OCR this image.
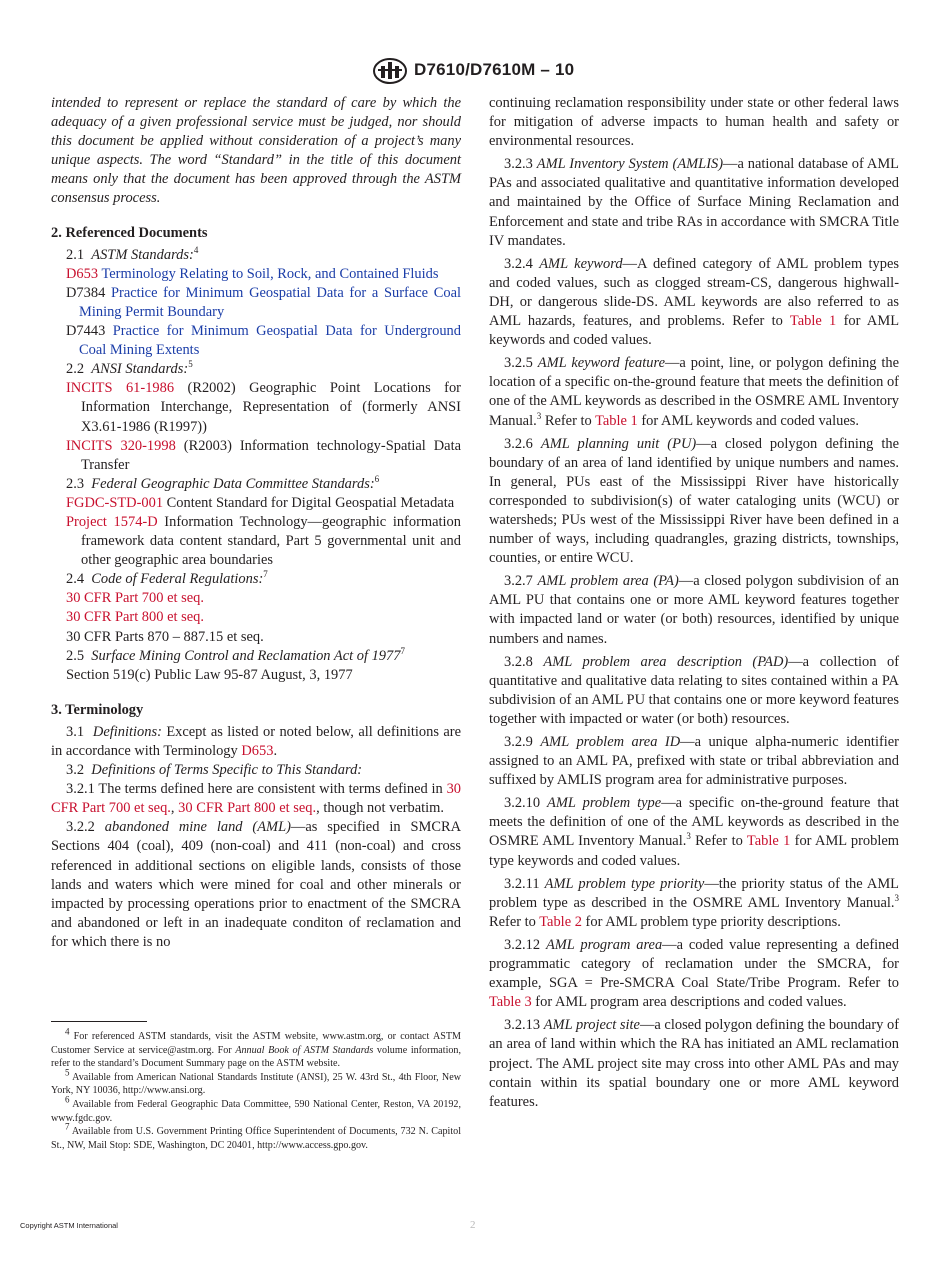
D7610/D7610M – 10

intended to represent or replace the standard of care by which the adequacy of a given professional service must be judged, nor should this document be applied without consideration of a project’s many unique aspects. The word “Standard” in the title of this document means only that the document has been approved through the ASTM consensus process.

2. Referenced Documents

2.1 ASTM Standards:$^4$

D653 Terminology Relating to Soil, Rock, and Contained Fluids

D7384 Practice for Minimum Geospatial Data for a Surface Coal Mining Permit Boundary

D7443 Practice for Minimum Geospatial Data for Underground Coal Mining Extents

2.2 ANSI Standards:$^5$

INCITS 61-1986 (R2002) Geographic Point Locations for Information Interchange, Representation of (formerly ANSI X3.61-1986 (R1997))

INCITS 320-1998 (R2003) Information technology-Spatial Data Transfer

2.3 Federal Geographic Data Committee Standards:$^6$

FGDC-STD-001 Content Standard for Digital Geospatial Metadata

Project 1574-D Information Technology—geographic information framework data content standard, Part 5 governmental unit and other geographic area boundaries

2.4 Code of Federal Regulations:$^7$

30 CFR Part 700 et seq.

30 CFR Part 800 et seq.

30 CFR Parts 870 – 887.15 et seq.

2.5 Surface Mining Control and Reclamation Act of 1977$^7$

Section 519(c) Public Law 95-87 August, 3, 1977

3. Terminology

3.1 Definitions: Except as listed or noted below, all definitions are in accordance with Terminology D653.

3.2 Definitions of Terms Specific to This Standard:

3.2.1 The terms defined here are consistent with terms defined in 30 CFR Part 700 et seq., 30 CFR Part 800 et seq., though not verbatim.

3.2.2 abandoned mine land (AML)—as specified in SMCRA Sections 404 (coal), 409 (non-coal) and 411 (non-coal) and cross referenced in additional sections on eligible lands, consists of those lands and waters which were mined for coal and other minerals or impacted by processing operations prior to enactment of the SMCRA and abandoned or left in an inadequate conditon of reclamation and for which there is no

$^4$ For referenced ASTM standards, visit the ASTM website, www.astm.org, or contact ASTM Customer Service at service@astm.org. For Annual Book of ASTM Standards volume information, refer to the standard’s Document Summary page on the ASTM website.

$^5$ Available from American National Standards Institute (ANSI), 25 W. 43rd St., 4th Floor, New York, NY 10036, http://www.ansi.org.

$^6$ Available from Federal Geographic Data Committee, 590 National Center, Reston, VA 20192, www.fgdc.gov.

$^7$ Available from U.S. Government Printing Office Superintendent of Documents, 732 N. Capitol St., NW, Mail Stop: SDE, Washington, DC 20401, http://www.access.gpo.gov.

continuing reclamation responsibility under state or other federal laws for mitigation of adverse impacts to human health and safety or environmental resources.

3.2.3 AML Inventory System (AMLIS)—a national database of AML PAs and associated qualitative and quantitative information developed and maintained by the Office of Surface Mining Reclamation and Enforcement and state and tribe RAs in accordance with SMCRA Title IV mandates.

3.2.4 AML keyword—A defined category of AML problem types and coded values, such as clogged stream-CS, dangerous highwall-DH, or dangerous slide-DS. AML keywords are also referred to as AML hazards, features, and problems. Refer to Table 1 for AML keywords and coded values.

3.2.5 AML keyword feature—a point, line, or polygon defining the location of a specific on-the-ground feature that meets the definition of one of the AML keywords as described in the OSMRE AML Inventory Manual.$^3$ Refer to Table 1 for AML keywords and coded values.

3.2.6 AML planning unit (PU)—a closed polygon defining the boundary of an area of land identified by unique numbers and names. In general, PUs east of the Mississippi River have historically corresponded to subdivision(s) of water cataloging units (WCU) or watersheds; PUs west of the Mississippi River have been defined in a number of ways, including quadrangles, grazing districts, townships, counties, or entire WCU.

3.2.7 AML problem area (PA)—a closed polygon subdivision of an AML PU that contains one or more AML keyword features together with impacted land or water (or both) resources, identified by unique numbers and names.

3.2.8 AML problem area description (PAD)—a collection of quantitative and qualitative data relating to sites contained within a PA subdivision of an AML PU that contains one or more keyword features together with impacted or water (or both) resources.

3.2.9 AML problem area ID—a unique alpha-numeric identifier assigned to an AML PA, prefixed with state or tribal abbreviation and suffixed by AMLIS program area for administrative purposes.

3.2.10 AML problem type—a specific on-the-ground feature that meets the definition of one of the AML keywords as described in the OSMRE AML Inventory Manual.$^3$ Refer to Table 1 for AML problem type keywords and coded values.

3.2.11 AML problem type priority—the priority status of the AML problem type as described in the OSMRE AML Inventory Manual.$^3$ Refer to Table 2 for AML problem type priority descriptions.

3.2.12 AML program area—a coded value representing a defined programmatic category of reclamation under the SMCRA, for example, SGA = Pre-SMCRA Coal State/Tribe Program. Refer to Table 3 for AML program area descriptions and coded values.

3.2.13 AML project site—a closed polygon defining the boundary of an area of land within which the RA has initiated an AML reclamation project. The AML project site may cross into other AML PAs and may contain within its spatial boundary one or more AML keyword features.

Copyright ASTM International	2
